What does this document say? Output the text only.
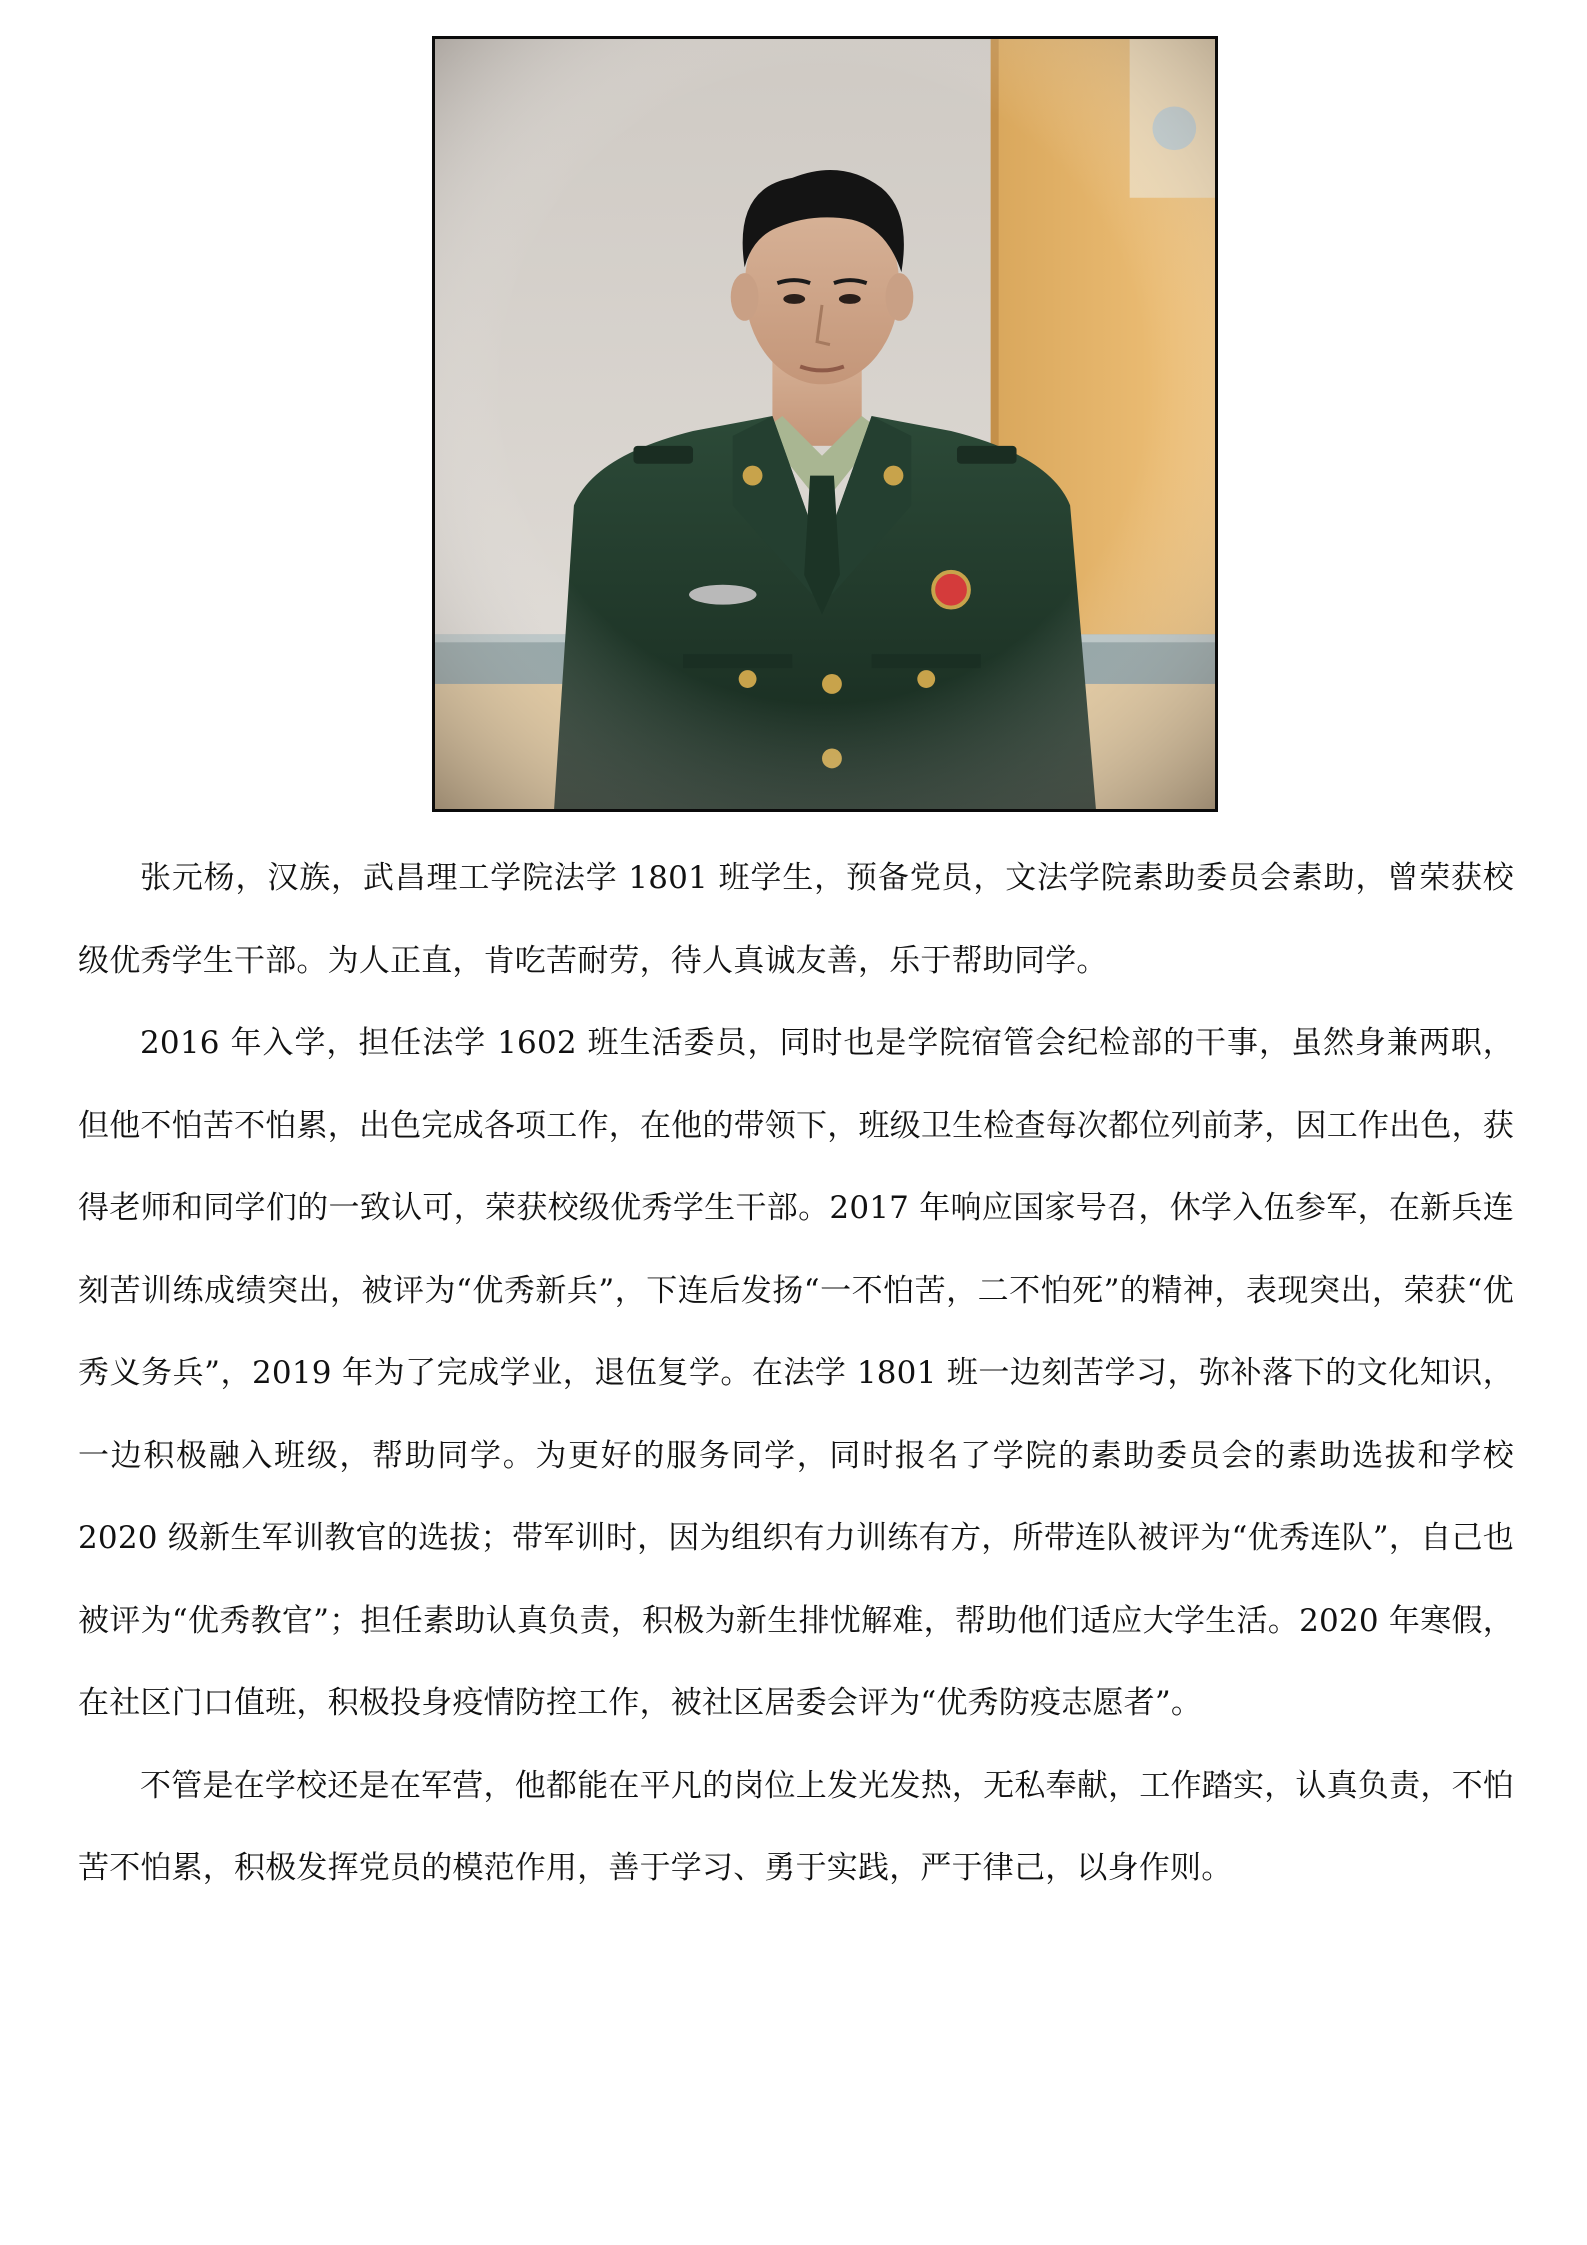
张元杨，汉族，武昌理工学院法学 1801 班学生，预备党员，文法学院素助委员会素助，曾荣获校级优秀学生干部。为人正直，肯吃苦耐劳，待人真诚友善，乐于帮助同学。

2016 年入学，担任法学 1602 班生活委员，同时也是学院宿管会纪检部的干事，虽然身兼两职，但他不怕苦不怕累，出色完成各项工作，在他的带领下，班级卫生检查每次都位列前茅，因工作出色，获得老师和同学们的一致认可，荣获校级优秀学生干部。2017 年响应国家号召，休学入伍参军，在新兵连刻苦训练成绩突出，被评为“优秀新兵”，下连后发扬“一不怕苦，二不怕死”的精神，表现突出，荣获“优秀义务兵”，2019 年为了完成学业，退伍复学。在法学 1801 班一边刻苦学习，弥补落下的文化知识，一边积极融入班级，帮助同学。为更好的服务同学，同时报名了学院的素助委员会的素助选拔和学校 2020 级新生军训教官的选拔；带军训时，因为组织有力训练有方，所带连队被评为“优秀连队”，自己也被评为“优秀教官”；担任素助认真负责，积极为新生排忧解难，帮助他们适应大学生活。2020 年寒假，在社区门口值班，积极投身疫情防控工作，被社区居委会评为“优秀防疫志愿者”。

不管是在学校还是在军营，他都能在平凡的岗位上发光发热，无私奉献，工作踏实，认真负责，不怕苦不怕累，积极发挥党员的模范作用，善于学习、勇于实践，严于律己，以身作则。
